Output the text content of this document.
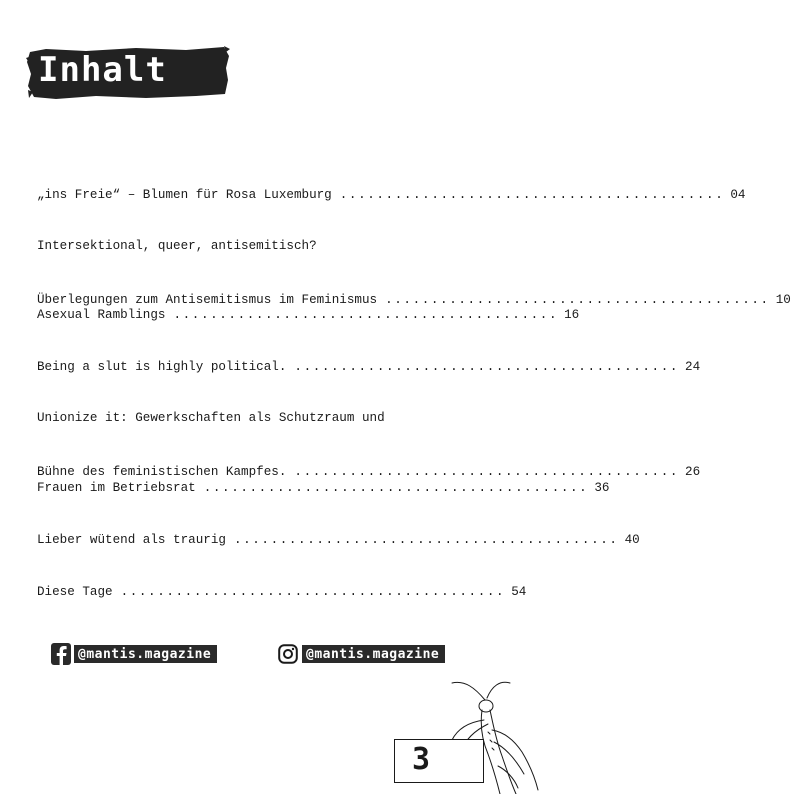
Inhalt

„ins Freie“ – Blumen für Rosa Luxemburg .......................................... 04

Intersektional, queer, antisemitisch?

Überlegungen zum Antisemitismus im Feminismus .......................................... 10

Asexual Ramblings .......................................... 16

Being a slut is highly political. .......................................... 24

Unionize it: Gewerkschaften als Schutzraum und

Bühne des feministischen Kampfes. .......................................... 26

Frauen im Betriebsrat .......................................... 36

Lieber wütend als traurig .......................................... 40

Diese Tage .......................................... 54

@mantis.magazine	@mantis.magazine
3
